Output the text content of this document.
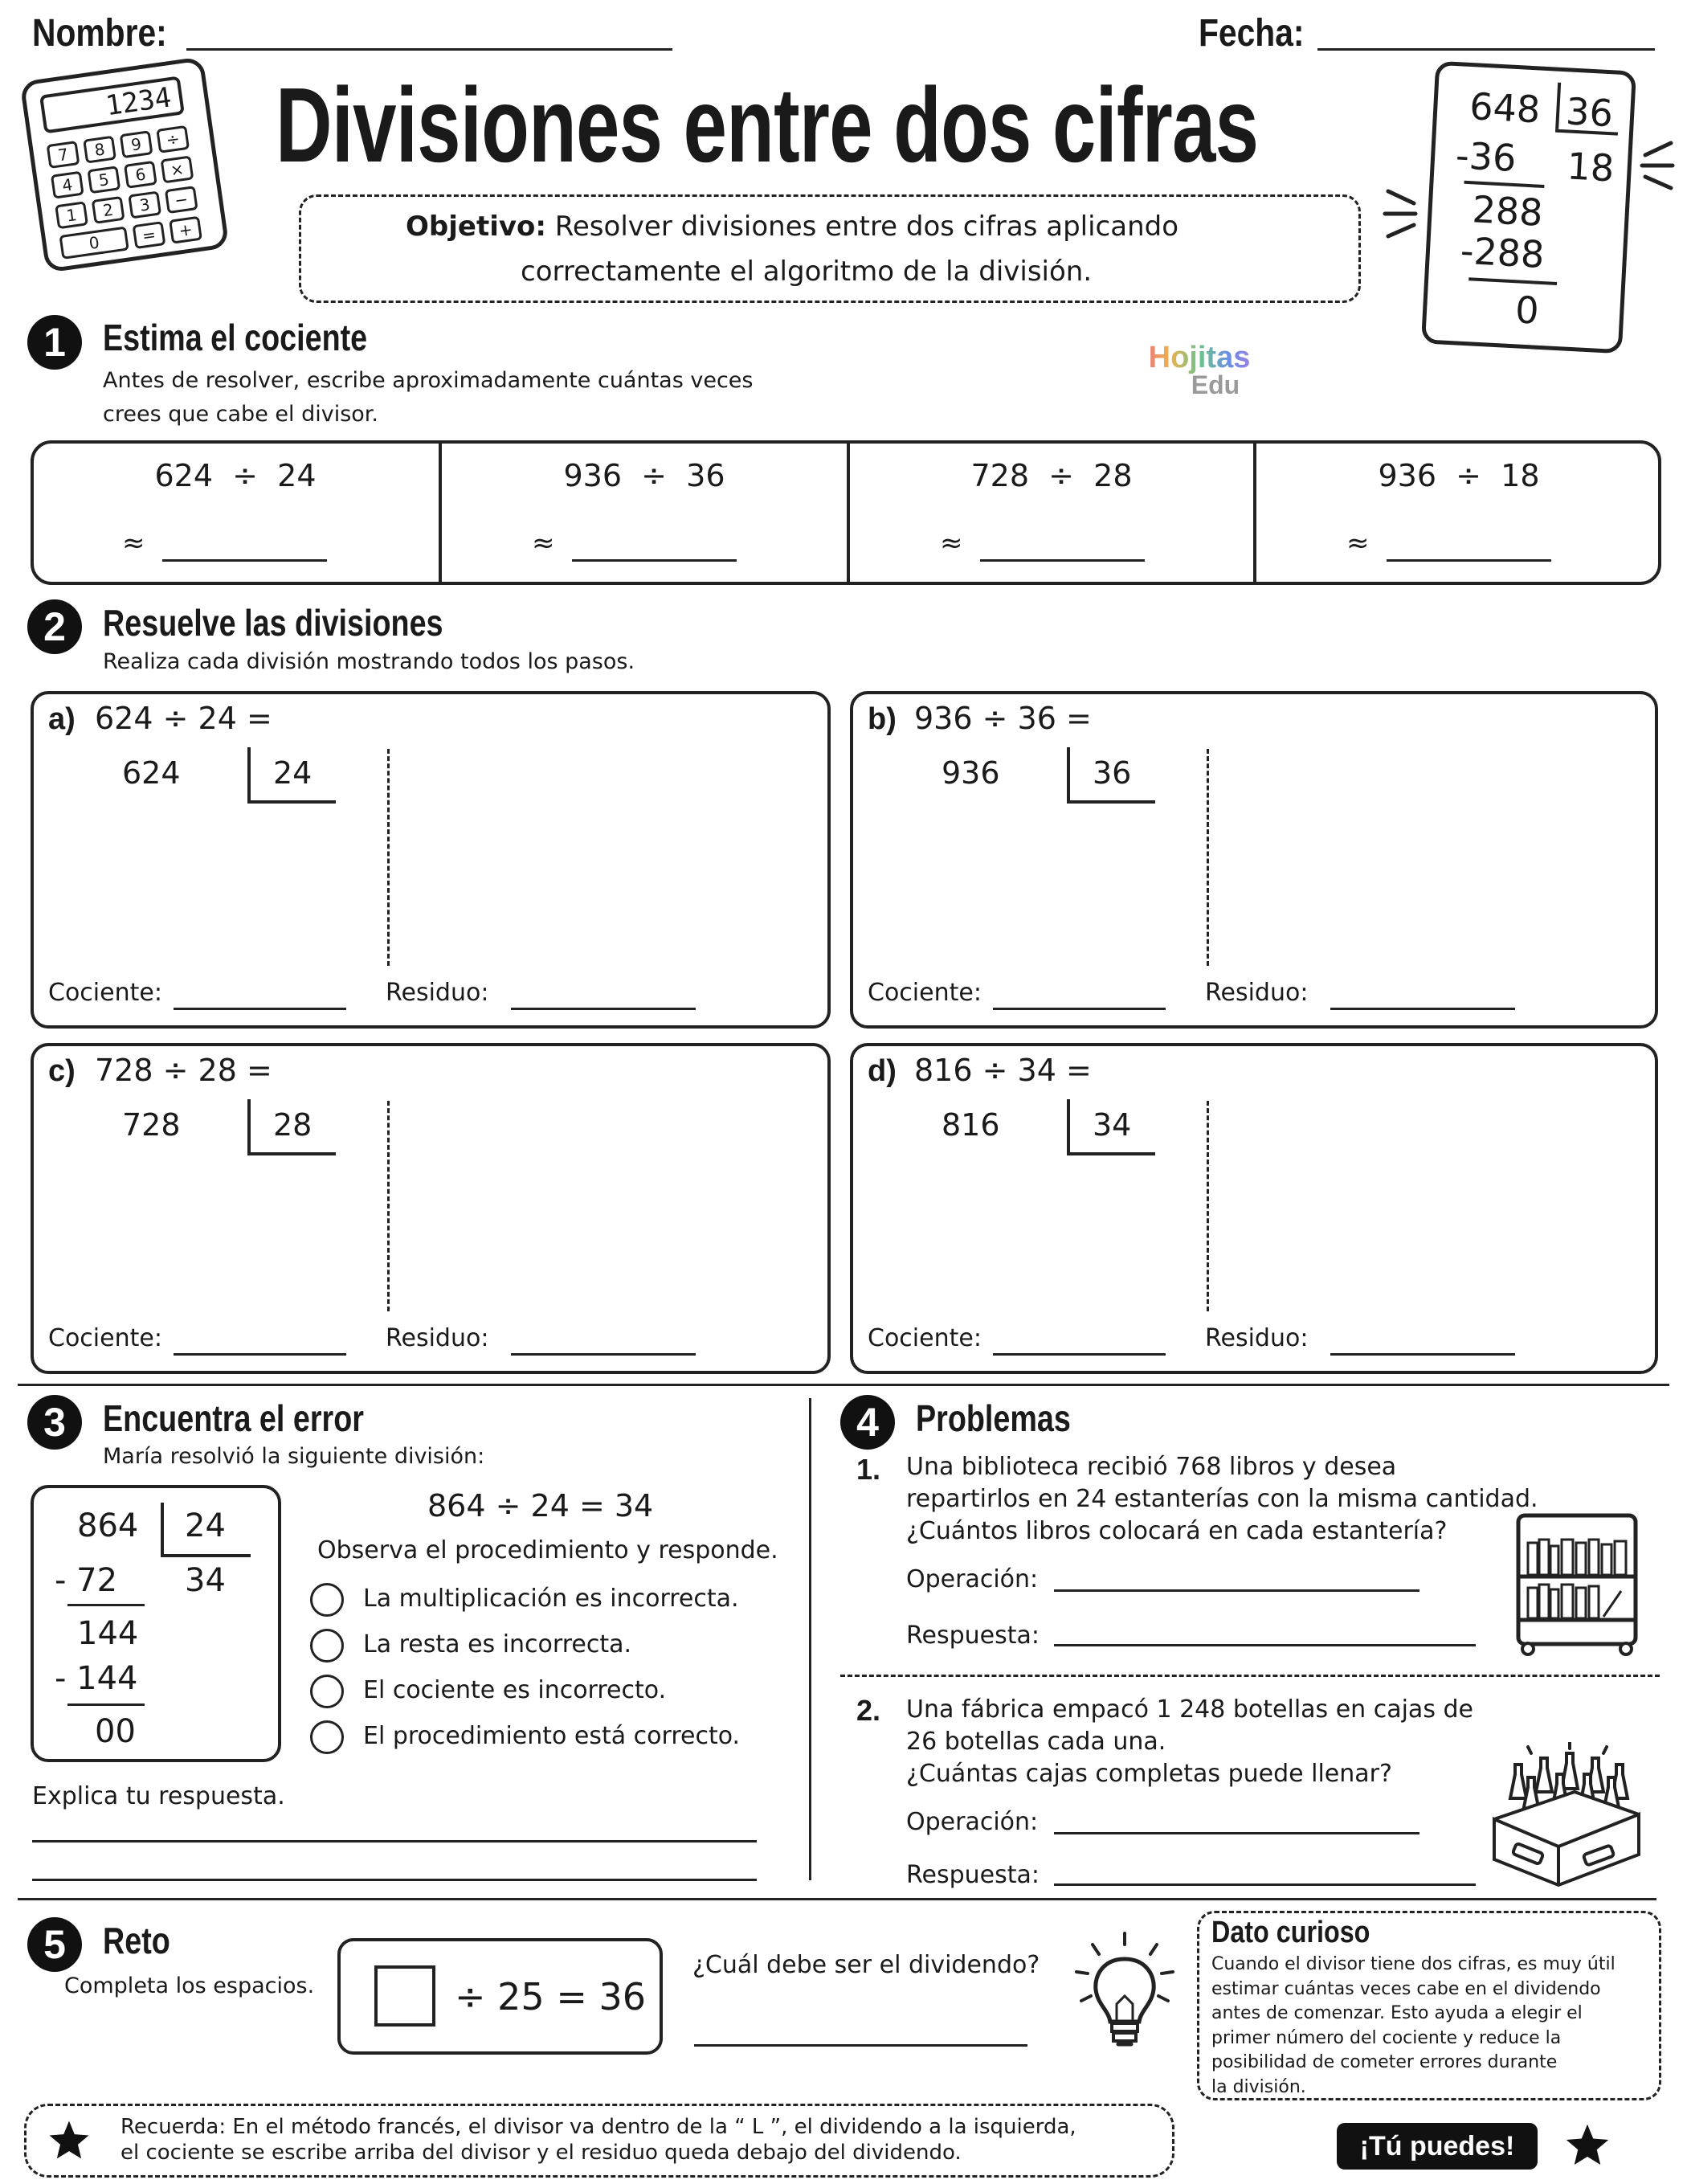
Nombre:	Fecha:
1234
7	8	9	÷
4	5	6	×
1	2	3	−
0	=	+
Divisiones entre dos cifras
Objetivo: Resolver divisiones entre dos cifras aplicando
correctamente el algoritmo de la división.
648 36
18
-36
288
-288
0
Hojitas
Edu
1	Estima el cociente
Antes de resolver, escribe aproximadamente cuántas veces
crees que cabe el divisor.
624  ÷  24
≈
936  ÷  36
≈
728  ÷  28
≈
936  ÷  18
≈
2	Resuelve las divisiones
Realiza cada división mostrando todos los pasos.
a) 624 ÷ 24 =
624	24
Cociente:	Residuo:
b) 936 ÷ 36 =
936	36
Cociente:	Residuo:
c) 728 ÷ 28 =
728	28
Cociente:	Residuo:
d) 816 ÷ 34 =
816	34
Cociente:	Residuo:
3	Encuentra el error
María resolvió la siguiente división:
864 24
34
- 72
144
- 144
00
864 ÷ 24 = 34
Observa el procedimiento y responde.
La multiplicación es incorrecta.
La resta es incorrecta.
El cociente es incorrecto.
El procedimiento está correcto.
Explica tu respuesta.
4	Problemas
1. Una biblioteca recibió 768 libros y desea
repartirlos en 24 estanterías con la misma cantidad.
¿Cuántos libros colocará en cada estantería?
Operación:
Respuesta:
2. Una fábrica empacó 1 248 botellas en cajas de
26 botellas cada una.
¿Cuántas cajas completas puede llenar?
Operación:
Respuesta:
5	Reto
Completa los espacios.	÷ 25 = 36
¿Cuál debe ser el dividendo?
Dato curioso
Cuando el divisor tiene dos cifras, es muy útil
estimar cuántas veces cabe en el dividendo
antes de comenzar. Esto ayuda a elegir el
primer número del cociente y reduce la
posibilidad de cometer errores durante
la división.
Recuerda: En el método francés, el divisor va dentro de la “ L ”, el dividendo a la isquierda,
el cociente se escribe arriba del divisor y el residuo queda debajo del dividendo.	¡Tú puedes!
